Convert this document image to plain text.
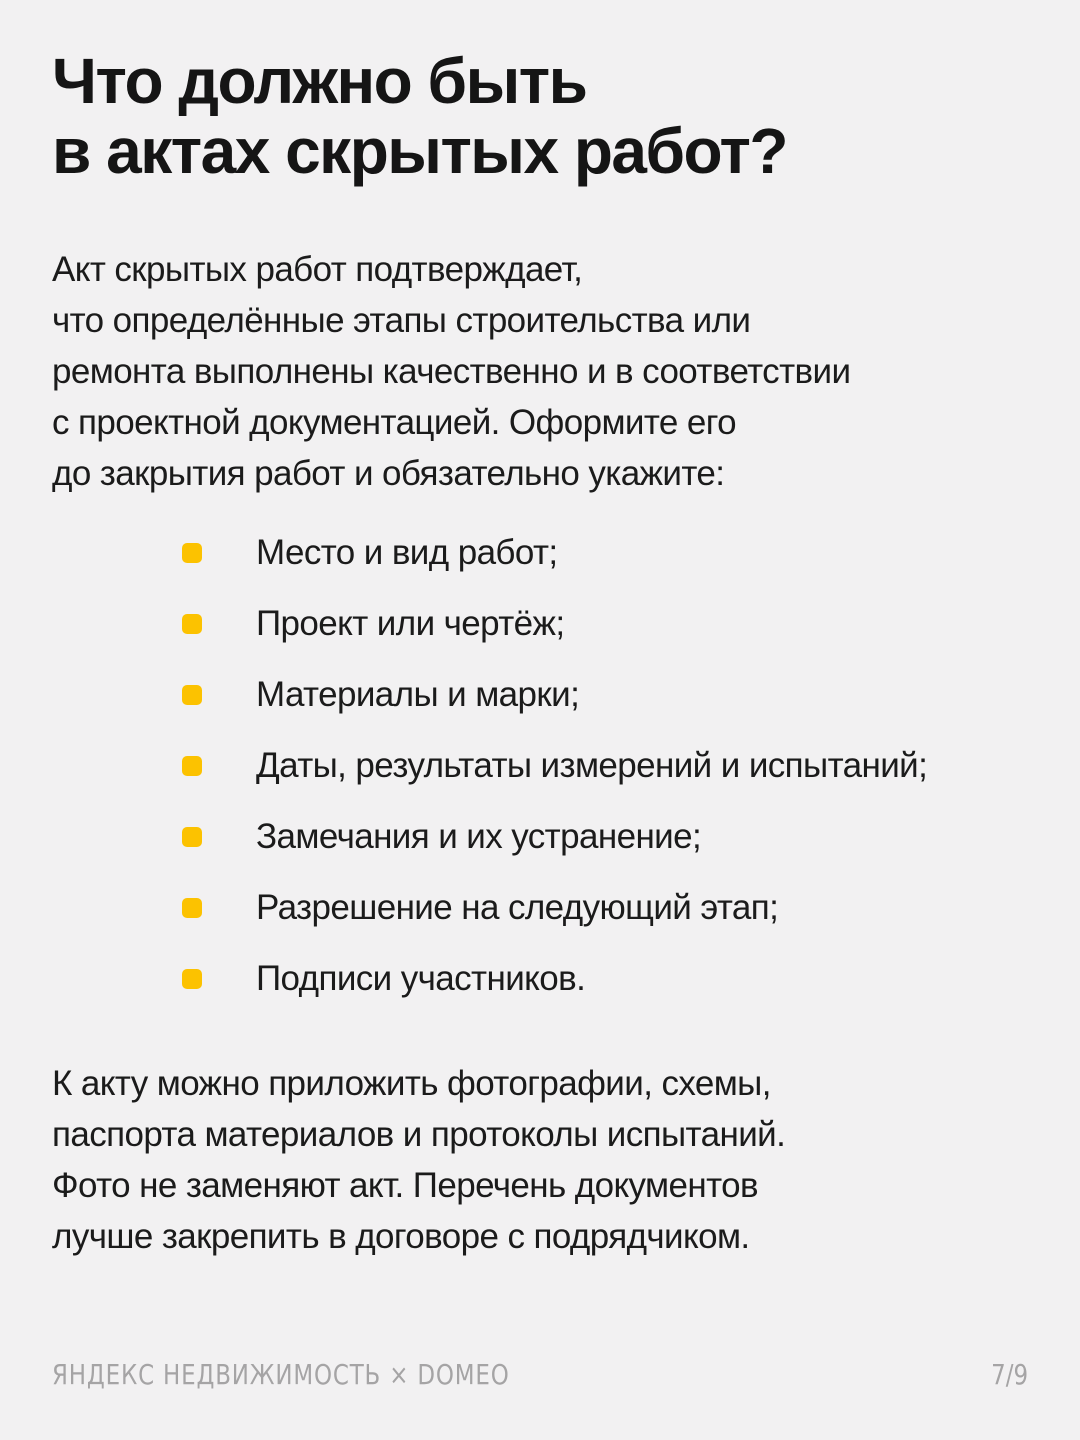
Что должно быть
в актах скрытых работ?

Акт скрытых работ подтверждает,
что определённые этапы строительства или
ремонта выполнены качественно и в соответствии
с проектной документацией. Оформите его
до закрытия работ и обязательно укажите:

Место и вид работ;
Проект или чертёж;
Материалы и марки;
Даты, результаты измерений и испытаний;
Замечания и их устранение;
Разрешение на следующий этап;
Подписи участников.

К акту можно приложить фотографии, схемы,
паспорта материалов и протоколы испытаний.
Фото не заменяют акт. Перечень документов
лучше закрепить в договоре с подрядчиком.

ЯНДЕКС НЕДВИЖИМОСТЬ × DOMEO	7/9
